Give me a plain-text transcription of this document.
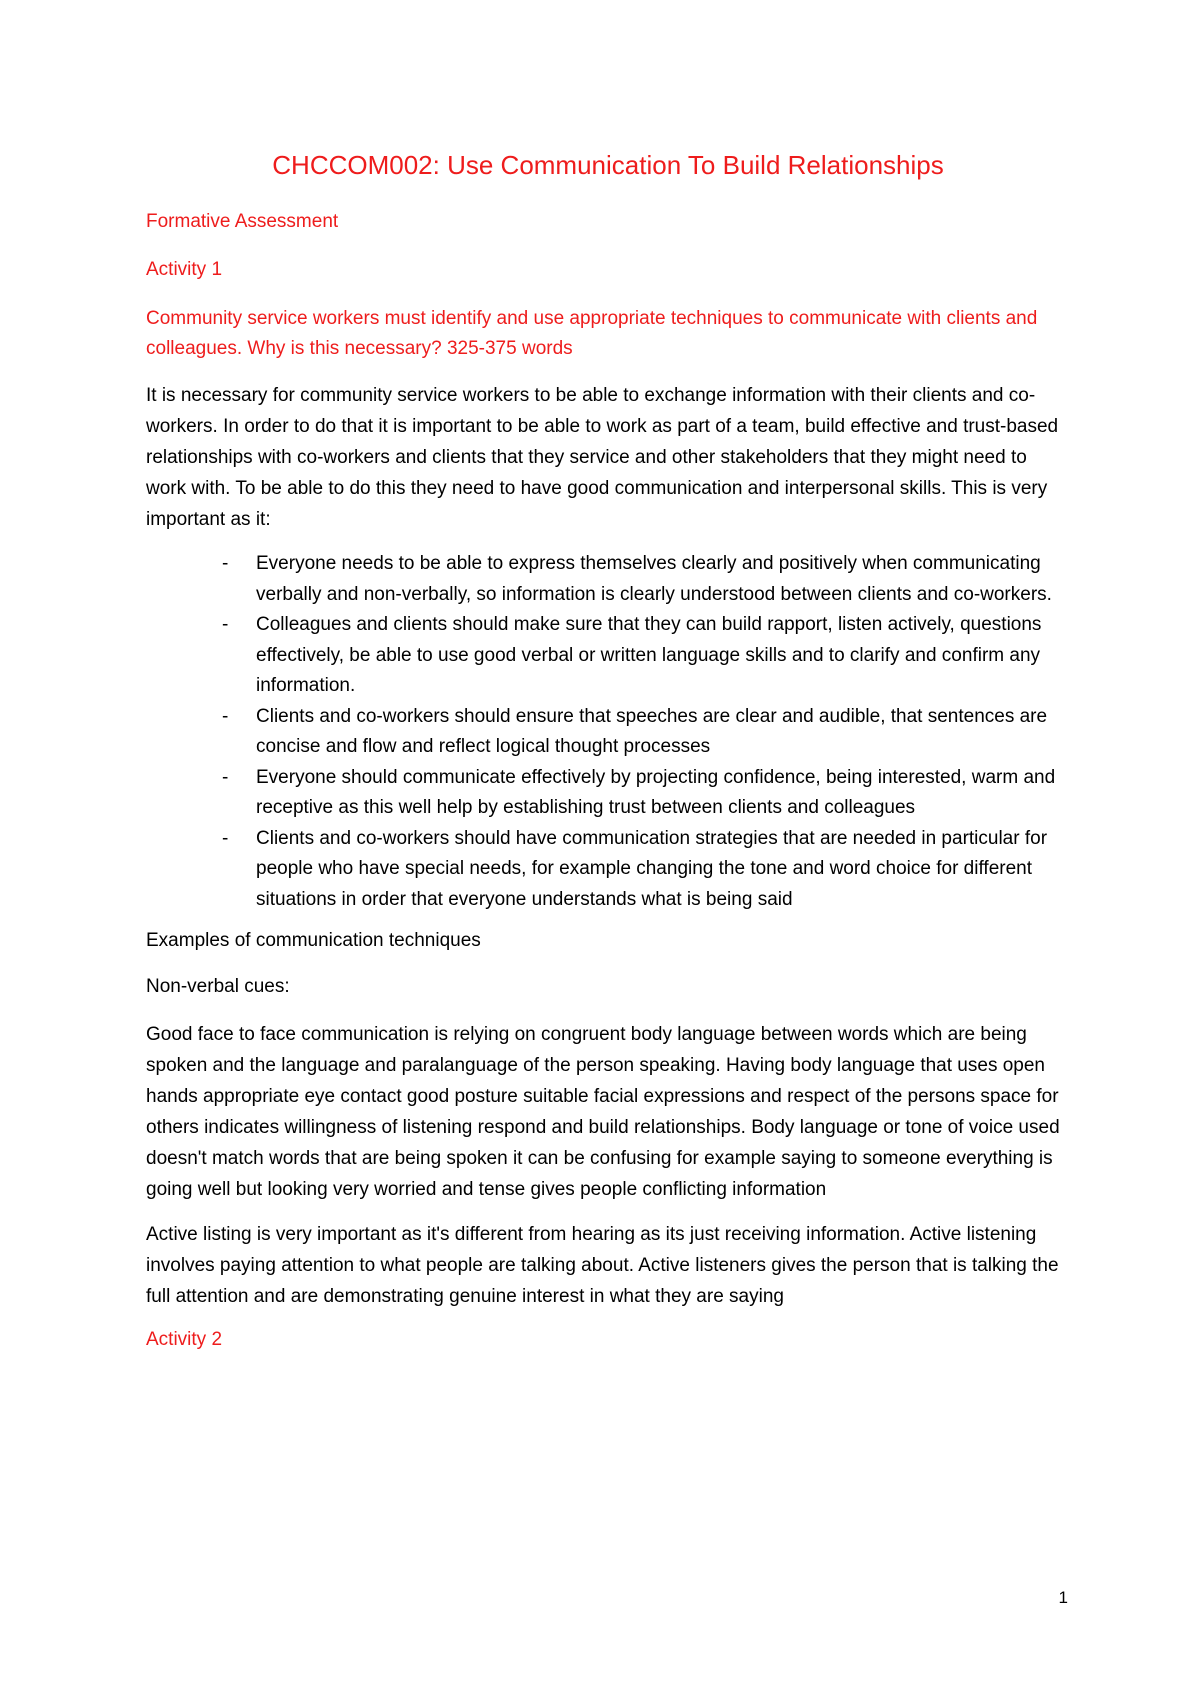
CHCCOM002: Use Communication To Build Relationships
Formative Assessment
Activity 1
Community service workers must identify and use appropriate techniques to communicate with clients and colleagues. Why is this necessary? 325-375 words
It is necessary for community service workers to be able to exchange information with their clients and co-workers. In order to do that it is important to be able to work as part of a team, build effective and trust-based relationships with co-workers and clients that they service and other stakeholders that they might need to work with. To be able to do this they need to have good communication and interpersonal skills. This is very important as it:
- Everyone needs to be able to express themselves clearly and positively when communicating verbally and non-verbally, so information is clearly understood between clients and co-workers.
- Colleagues and clients should make sure that they can build rapport, listen actively, questions effectively, be able to use good verbal or written language skills and to clarify and confirm any information.
- Clients and co-workers should ensure that speeches are clear and audible, that sentences are concise and flow and reflect logical thought processes
- Everyone should communicate effectively by projecting confidence, being interested, warm and receptive as this well help by establishing trust between clients and colleagues
- Clients and co-workers should have communication strategies that are needed in particular for people who have special needs, for example changing the tone and word choice for different situations in order that everyone understands what is being said
Examples of communication techniques
Non-verbal cues:
Good face to face communication is relying on congruent body language between words which are being spoken and the language and paralanguage of the person speaking. Having body language that uses open hands appropriate eye contact good posture suitable facial expressions and respect of the persons space for others indicates willingness of listening respond and build relationships. Body language or tone of voice used doesn't match words that are being spoken it can be confusing for example saying to someone everything is going well but looking very worried and tense gives people conflicting information
Active listing is very important as it's different from hearing as its just receiving information. Active listening involves paying attention to what people are talking about. Active listeners gives the person that is talking the full attention and are demonstrating genuine interest in what they are saying
Activity 2
1
